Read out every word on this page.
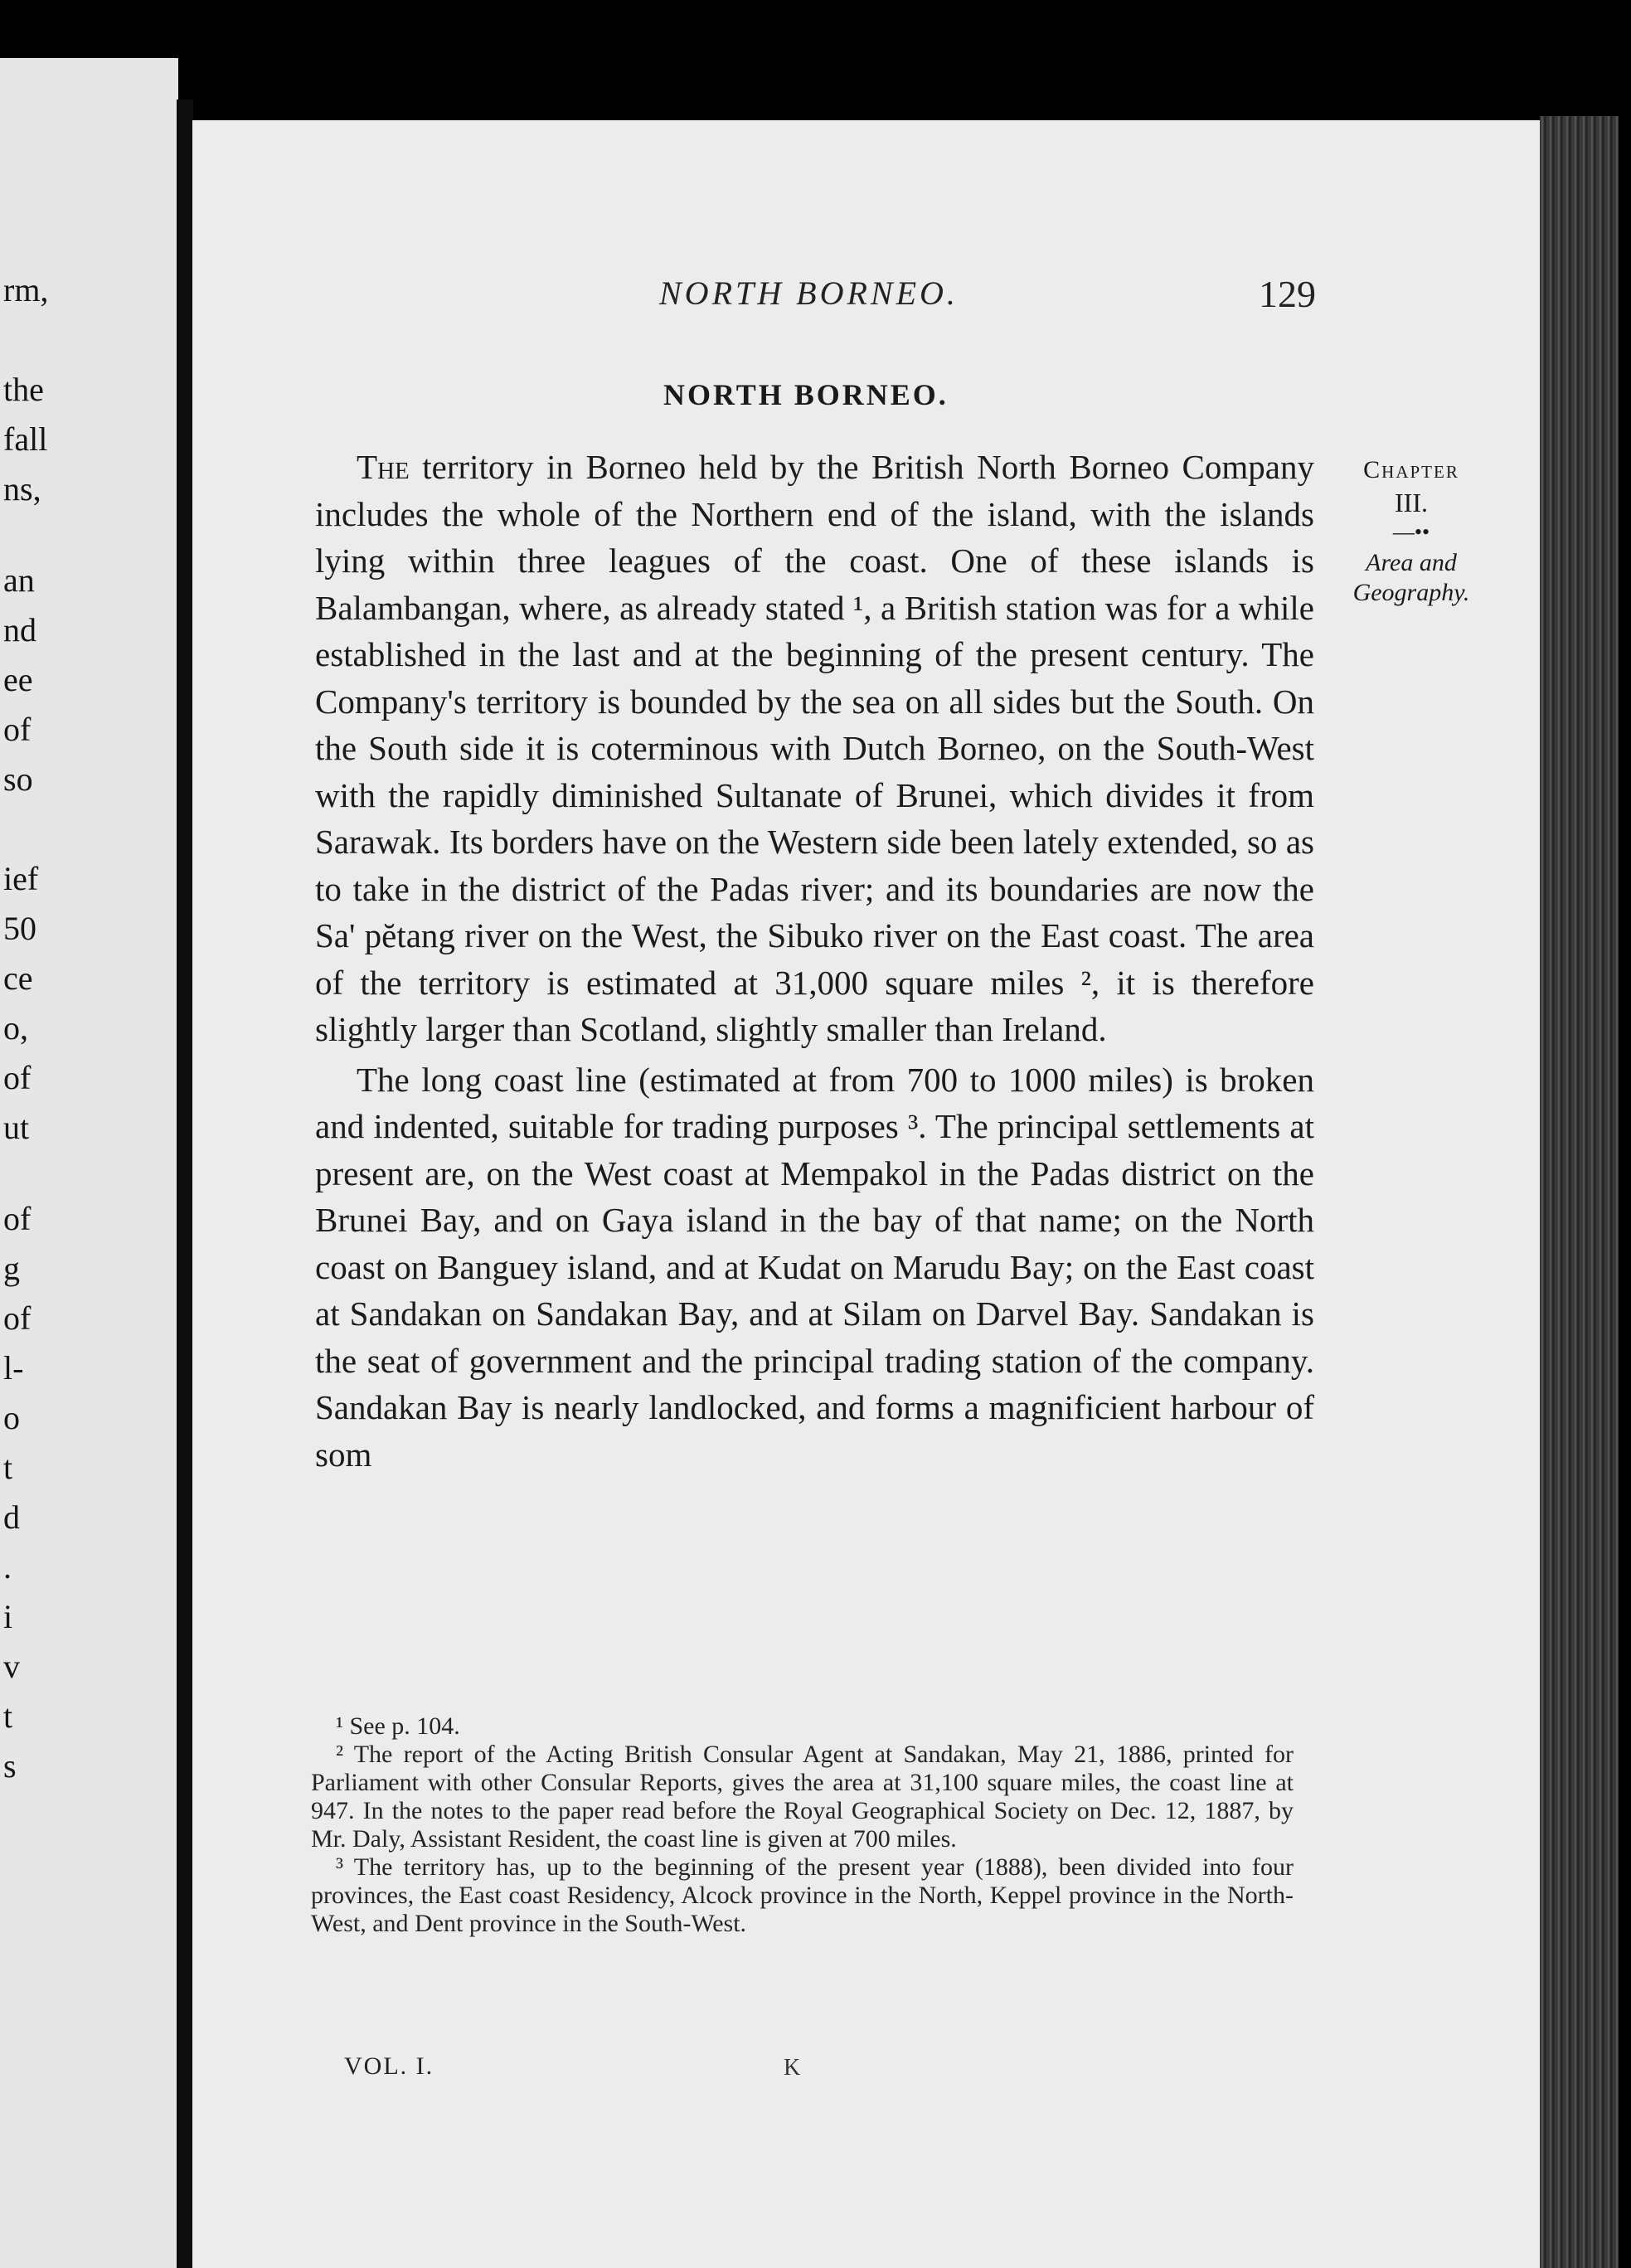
rm,
the
fall
ns,
an
nd
ee
of
so
ief
50
ce
o,
of
ut
of
g
of
l-
o
t
d
.
i
v
t
s
NORTH BORNEO.	129
NORTH BORNEO.

The territory in Borneo held by the British North Borneo Company includes the whole of the Northern end of the island, with the islands lying within three leagues of the coast. One of these islands is Balambangan, where, as already stated ¹, a British station was for a while established in the last and at the beginning of the present century. The Company's territory is bounded by the sea on all sides but the South. On the South side it is coterminous with Dutch Borneo, on the South-West with the rapidly diminished Sultanate of Brunei, which divides it from Sarawak. Its borders have on the Western side been lately extended, so as to take in the district of the Padas river; and its boundaries are now the Sa' pĕtang river on the West, the Sibuko river on the East coast. The area of the territory is estimated at 31,000 square miles ², it is therefore slightly larger than Scotland, slightly smaller than Ireland.

The long coast line (estimated at from 700 to 1000 miles) is broken and indented, suitable for trading purposes ³. The principal settlements at present are, on the West coast at Mempakol in the Padas district on the Brunei Bay, and on Gaya island in the bay of that name; on the North coast on Banguey island, and at Kudat on Marudu Bay; on the East coast at Sandakan on Sandakan Bay, and at Silam on Darvel Bay. Sandakan is the seat of government and the principal trading station of the company. Sandakan Bay is nearly landlocked, and forms a magnificient harbour of som

Chapter
III.
—••
Area and Geography.

¹ See p. 104.

² The report of the Acting British Consular Agent at Sandakan, May 21, 1886, printed for Parliament with other Consular Reports, gives the area at 31,100 square miles, the coast line at 947. In the notes to the paper read before the Royal Geographical Society on Dec. 12, 1887, by Mr. Daly, Assistant Resident, the coast line is given at 700 miles.

³ The territory has, up to the beginning of the present year (1888), been divided into four provinces, the East coast Residency, Alcock province in the North, Keppel province in the North-West, and Dent province in the South-West.

VOL. I.	K
